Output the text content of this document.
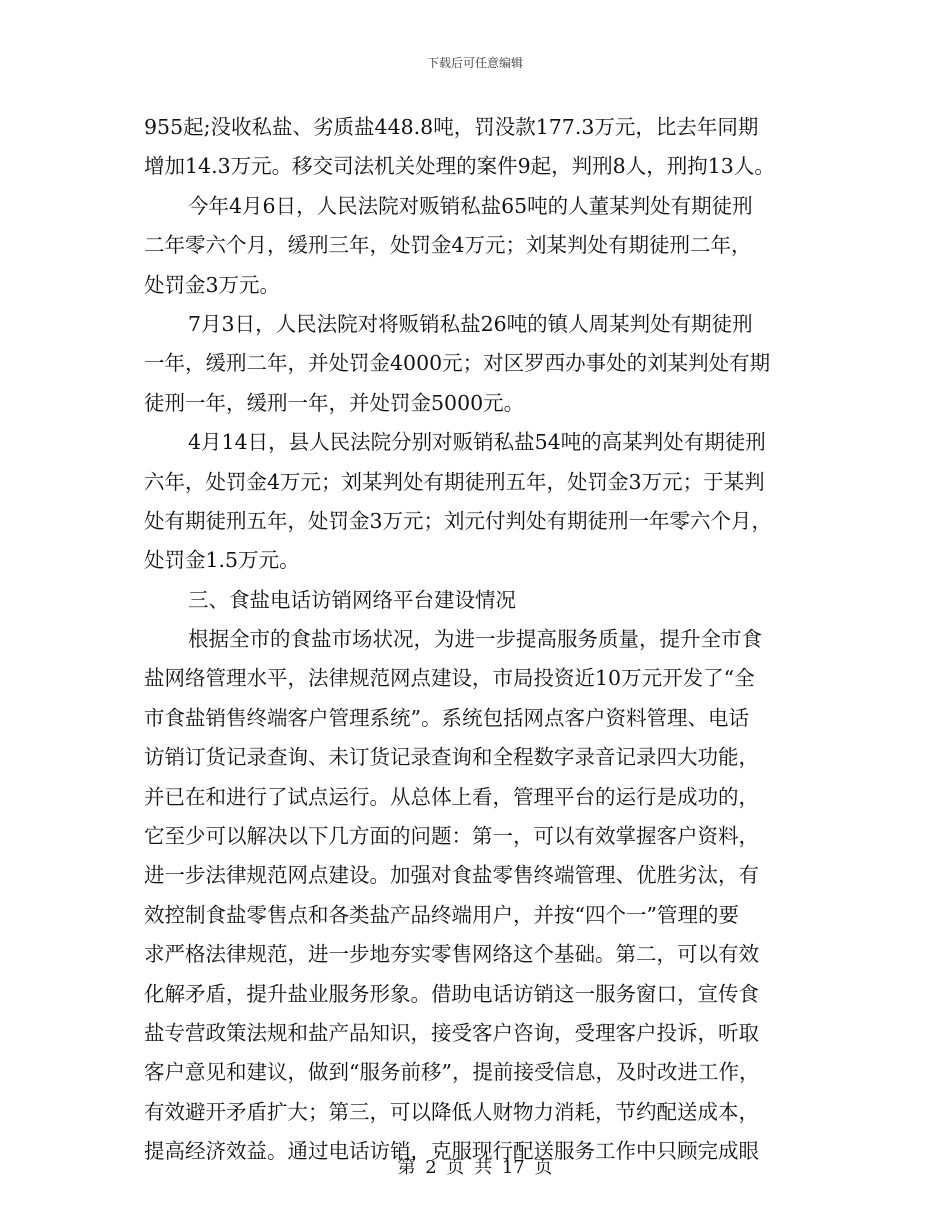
下载后可任意编辑
955起;没收私盐、劣质盐448.8吨，罚没款177.3万元，比去年同期
增加14.3万元。移交司法机关处理的案件9起，判刑8人，刑拘13人。
今年4月6日，人民法院对贩销私盐65吨的人董某判处有期徒刑
二年零六个月，缓刑三年，处罚金4万元；刘某判处有期徒刑二年，
处罚金3万元。
7月3日，人民法院对将贩销私盐26吨的镇人周某判处有期徒刑
一年，缓刑二年，并处罚金4000元；对区罗西办事处的刘某判处有期
徒刑一年，缓刑一年，并处罚金5000元。
4月14日，县人民法院分别对贩销私盐54吨的高某判处有期徒刑
六年，处罚金4万元；刘某判处有期徒刑五年，处罚金3万元；于某判
处有期徒刑五年，处罚金3万元；刘元付判处有期徒刑一年零六个月，
处罚金1.5万元。
三、食盐电话访销网络平台建设情况
根据全市的食盐市场状况，为进一步提高服务质量，提升全市食
盐网络管理水平，法律规范网点建设，市局投资近10万元开发了“全
市食盐销售终端客户管理系统”。系统包括网点客户资料管理、电话
访销订货记录查询、未订货记录查询和全程数字录音记录四大功能，
并已在和进行了试点运行。从总体上看，管理平台的运行是成功的，
它至少可以解决以下几方面的问题：第一，可以有效掌握客户资料，
进一步法律规范网点建设。加强对食盐零售终端管理、优胜劣汰，有
效控制食盐零售点和各类盐产品终端用户，并按“四个一”管理的要
求严格法律规范，进一步地夯实零售网络这个基础。第二，可以有效
化解矛盾，提升盐业服务形象。借助电话访销这一服务窗口，宣传食
盐专营政策法规和盐产品知识，接受客户咨询，受理客户投诉，听取
客户意见和建议，做到“服务前移”，提前接受信息，及时改进工作，
有效避开矛盾扩大；第三，可以降低人财物力消耗，节约配送成本，
提高经济效益。通过电话访销，克服现行配送服务工作中只顾完成眼
第 2 页 共 17 页
